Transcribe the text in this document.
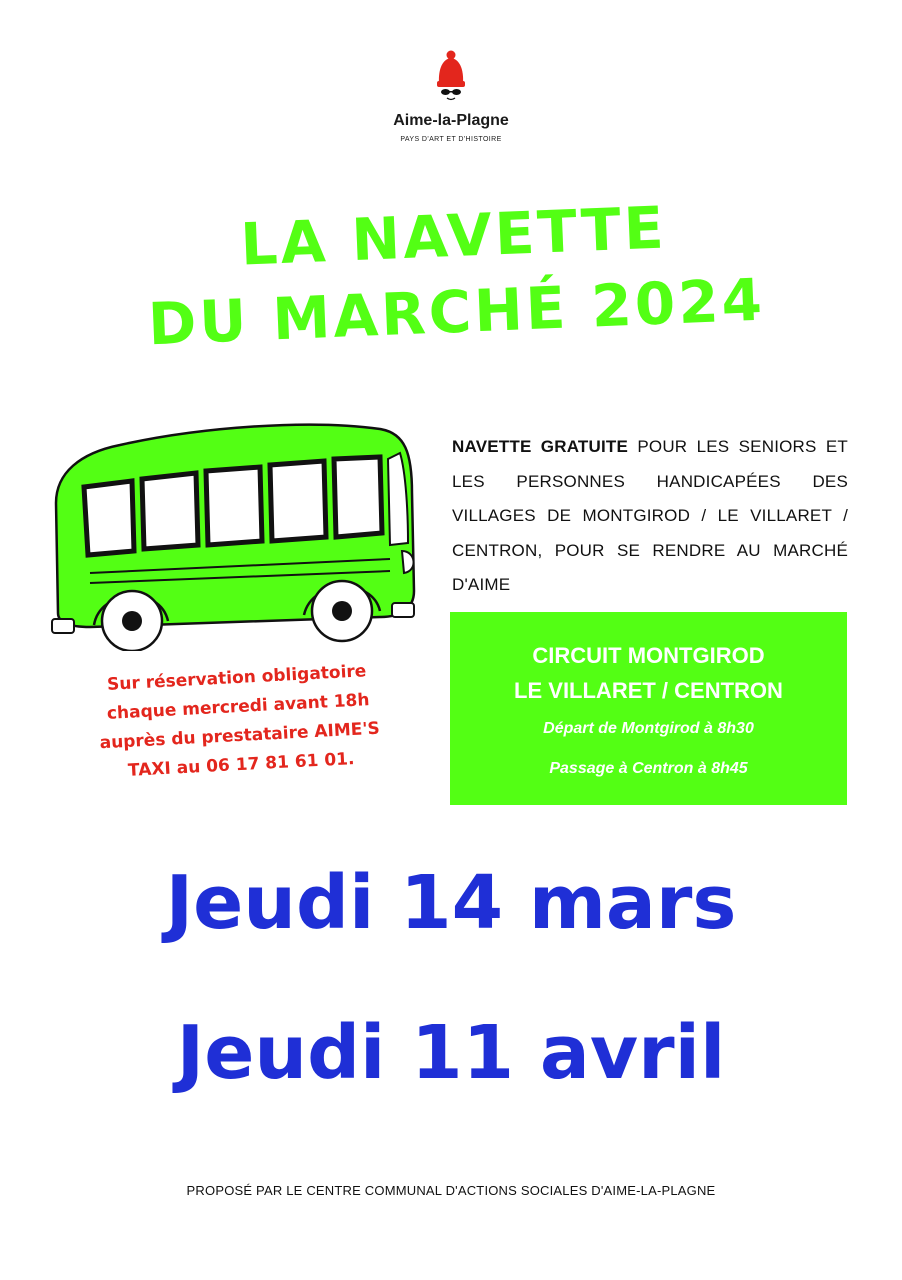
Aime-la-Plagne
PAYS D'ART ET D'HISTOIRE
LA NAVETTE
DU MARCHÉ 2024
NAVETTE GRATUITE POUR LES SENIORS ET LES PERSONNES HANDICAPÉES DES VILLAGES DE MONTGIROD / LE VILLARET / CENTRON, POUR SE RENDRE AU MARCHÉ D'AIME
Sur réservation obligatoire
chaque mercredi avant 18h
auprès du prestataire AIME'S
TAXI au 06 17 81 61 01.
CIRCUIT MONTGIROD
LE VILLARET / CENTRON
Départ de Montgirod à 8h30
Passage à Centron à 8h45
Jeudi 14 mars
Jeudi 11 avril
PROPOSÉ PAR LE CENTRE COMMUNAL D'ACTIONS SOCIALES D'AIME-LA-PLAGNE
